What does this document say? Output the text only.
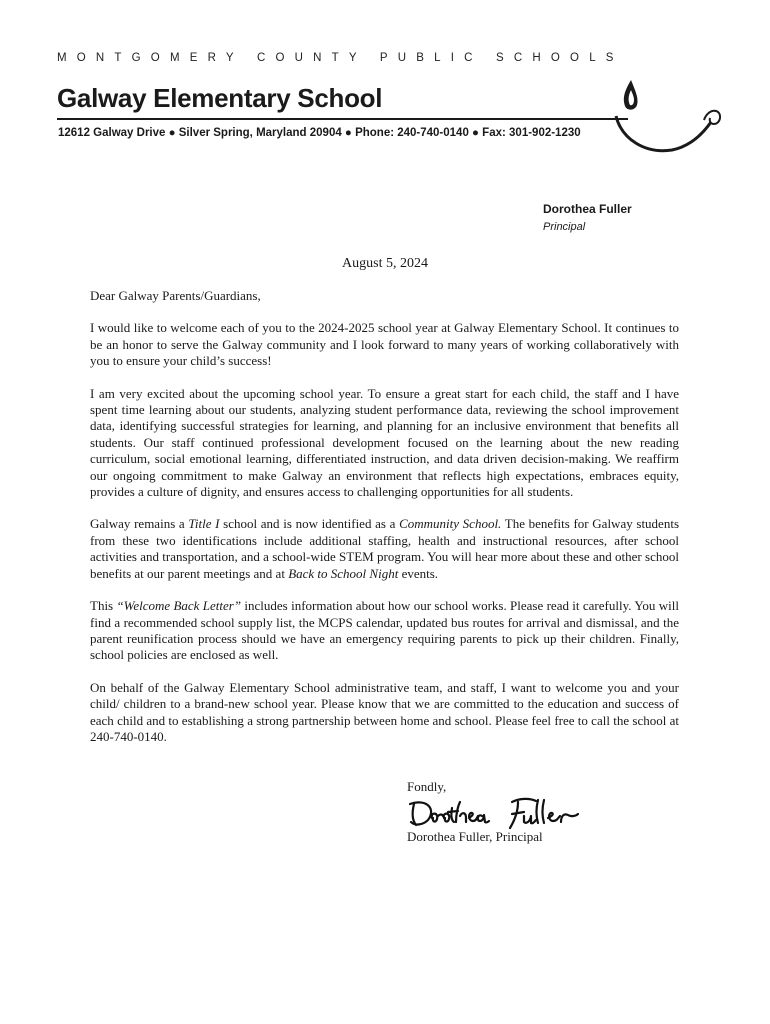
MONTGOMERY COUNTY PUBLIC SCHOOLS
Galway Elementary School
12612 Galway Drive ● Silver Spring, Maryland 20904 ● Phone: 240-740-0140 ● Fax: 301-902-1230
Dorothea Fuller
Principal
August 5, 2024

Dear Galway Parents/Guardians,

I would like to welcome each of you to the 2024-2025 school year at Galway Elementary School. It continues to be an honor to serve the Galway community and I look forward to many years of working collaboratively with you to ensure your child’s success!

I am very excited about the upcoming school year. To ensure a great start for each child, the staff and I have spent time learning about our students, analyzing student performance data, reviewing the school improvement data, identifying successful strategies for learning, and planning for an inclusive environment that benefits all students. Our staff continued professional development focused on the learning about the new reading curriculum, social emotional learning, differentiated instruction, and data driven decision-making. We reaffirm our ongoing commitment to make Galway an environment that reflects high expectations, embraces equity, provides a culture of dignity, and ensures access to challenging opportunities for all students.

Galway remains a Title I school and is now identified as a Community School. The benefits for Galway students from these two identifications include additional staffing, health and instructional resources, after school activities and transportation, and a school-wide STEM program. You will hear more about these and other school benefits at our parent meetings and at Back to School Night events.

This “Welcome Back Letter” includes information about how our school works. Please read it carefully. You will find a recommended school supply list, the MCPS calendar, updated bus routes for arrival and dismissal, and the parent reunification process should we have an emergency requiring parents to pick up their children. Finally, school policies are enclosed as well.

On behalf of the Galway Elementary School administrative team, and staff, I want to welcome you and your child/ children to a brand-new school year. Please know that we are committed to the education and success of each child and to establishing a strong partnership between home and school. Please feel free to call the school at 240-740-0140.

Fondly,
Dorothea Fuller, Principal
